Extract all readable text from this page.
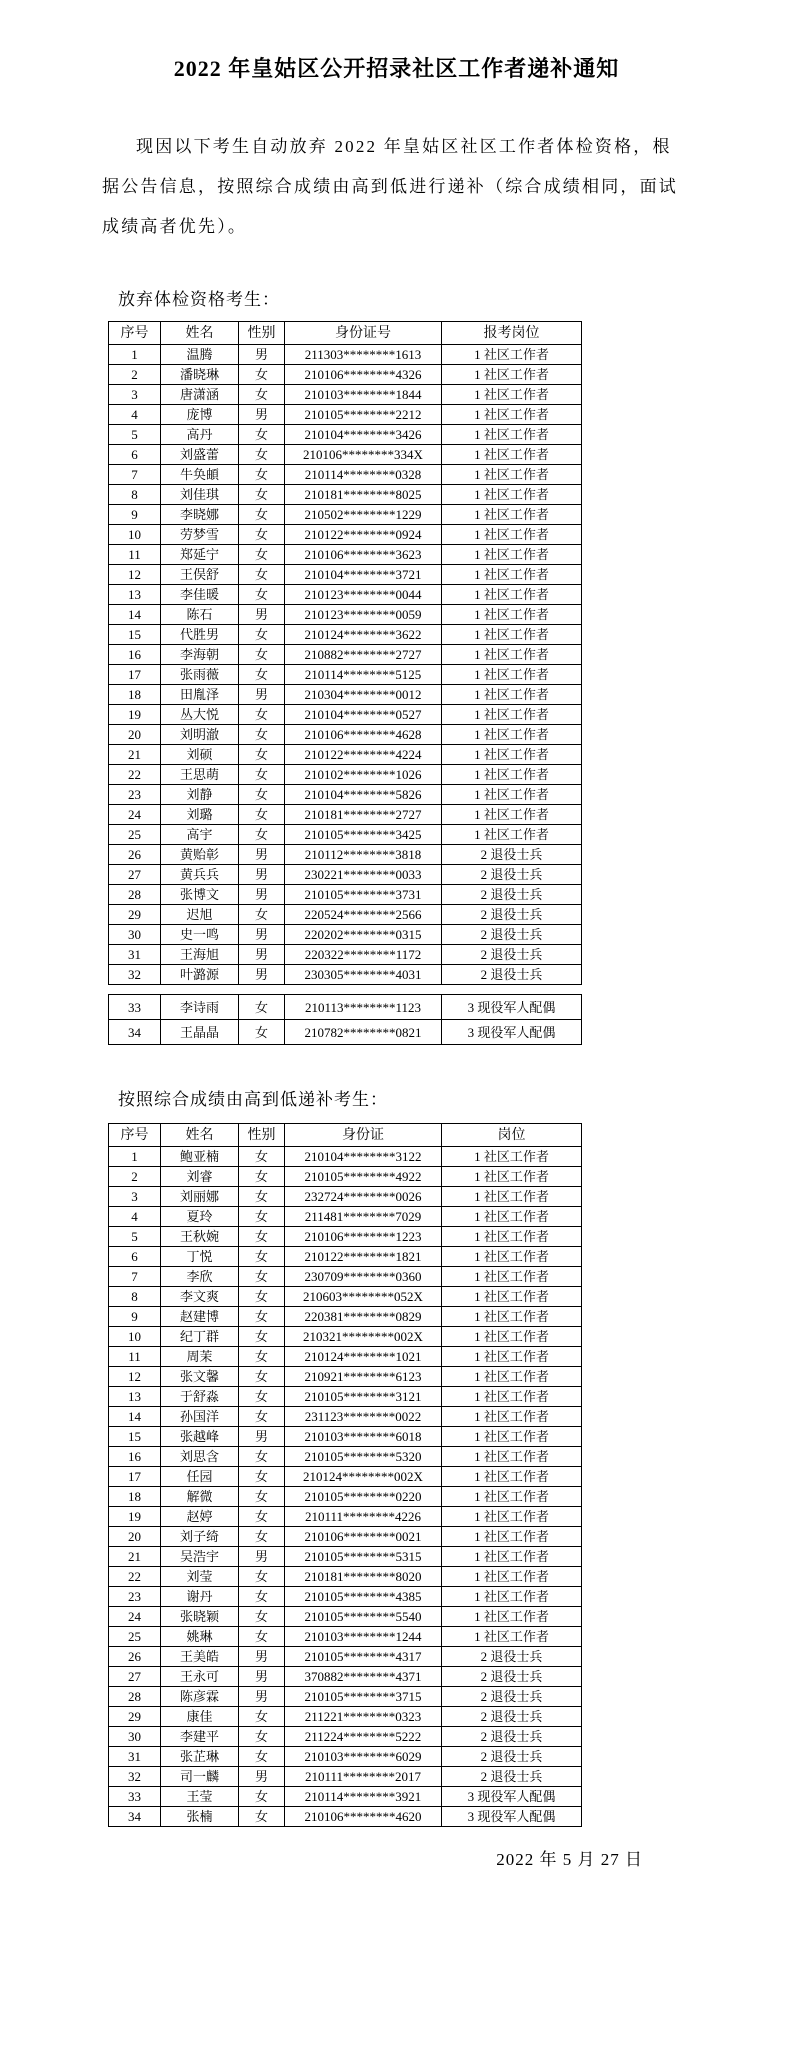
2022 年皇姑区公开招录社区工作者递补通知
现因以下考生自动放弃 2022 年皇姑区社区工作者体检资格，根
据公告信息，按照综合成绩由高到低进行递补（综合成绩相同，面试
成绩高者优先）。

放弃体检资格考生：

序号	姓名	性别	身份证号	报考岗位
1	温腾	男	211303********1613	1 社区工作者
2	潘晓琳	女	210106********4326	1 社区工作者
3	唐潇涵	女	210103********1844	1 社区工作者
4	庞博	男	210105********2212	1 社区工作者
5	高丹	女	210104********3426	1 社区工作者
6	刘盛蕾	女	210106********334X	1 社区工作者
7	牛奂頔	女	210114********0328	1 社区工作者
8	刘佳琪	女	210181********8025	1 社区工作者
9	李晓娜	女	210502********1229	1 社区工作者
10	劳梦雪	女	210122********0924	1 社区工作者
11	郑延宁	女	210106********3623	1 社区工作者
12	王俣舒	女	210104********3721	1 社区工作者
13	李佳暖	女	210123********0044	1 社区工作者
14	陈石	男	210123********0059	1 社区工作者
15	代胜男	女	210124********3622	1 社区工作者
16	李海朝	女	210882********2727	1 社区工作者
17	张雨薇	女	210114********5125	1 社区工作者
18	田胤泽	男	210304********0012	1 社区工作者
19	丛大悦	女	210104********0527	1 社区工作者
20	刘明澈	女	210106********4628	1 社区工作者
21	刘硕	女	210122********4224	1 社区工作者
22	王思萌	女	210102********1026	1 社区工作者
23	刘静	女	210104********5826	1 社区工作者
24	刘璐	女	210181********2727	1 社区工作者
25	高宇	女	210105********3425	1 社区工作者
26	黄贻彰	男	210112********3818	2 退役士兵
27	黄兵兵	男	230221********0033	2 退役士兵
28	张博文	男	210105********3731	2 退役士兵
29	迟旭	女	220524********2566	2 退役士兵
30	史一鸣	男	220202********0315	2 退役士兵
31	王海旭	男	220322********1172	2 退役士兵
32	叶潞源	男	230305********4031	2 退役士兵
33	李诗雨	女	210113********1123	3 现役军人配偶
34	王晶晶	女	210782********0821	3 现役军人配偶

按照综合成绩由高到低递补考生：

序号	姓名	性别	身份证	岗位
1	鲍亚楠	女	210104********3122	1 社区工作者
2	刘睿	女	210105********4922	1 社区工作者
3	刘丽娜	女	232724********0026	1 社区工作者
4	夏玲	女	211481********7029	1 社区工作者
5	王秋婉	女	210106********1223	1 社区工作者
6	丁悦	女	210122********1821	1 社区工作者
7	李欣	女	230709********0360	1 社区工作者
8	李文爽	女	210603********052X	1 社区工作者
9	赵建博	女	220381********0829	1 社区工作者
10	纪丁群	女	210321********002X	1 社区工作者
11	周茉	女	210124********1021	1 社区工作者
12	张文馨	女	210921********6123	1 社区工作者
13	于舒淼	女	210105********3121	1 社区工作者
14	孙国洋	女	231123********0022	1 社区工作者
15	张越峰	男	210103********6018	1 社区工作者
16	刘思含	女	210105********5320	1 社区工作者
17	任园	女	210124********002X	1 社区工作者
18	解微	女	210105********0220	1 社区工作者
19	赵婷	女	210111********4226	1 社区工作者
20	刘子绮	女	210106********0021	1 社区工作者
21	吴浩宇	男	210105********5315	1 社区工作者
22	刘莹	女	210181********8020	1 社区工作者
23	谢丹	女	210105********4385	1 社区工作者
24	张晓颖	女	210105********5540	1 社区工作者
25	姚琳	女	210103********1244	1 社区工作者
26	王美皓	男	210105********4317	2 退役士兵
27	王永可	男	370882********4371	2 退役士兵
28	陈彦霖	男	210105********3715	2 退役士兵
29	康佳	女	211221********0323	2 退役士兵
30	李建平	女	211224********5222	2 退役士兵
31	张芷琳	女	210103********6029	2 退役士兵
32	司一麟	男	210111********2017	2 退役士兵
33	王莹	女	210114********3921	3 现役军人配偶
34	张楠	女	210106********4620	3 现役军人配偶

2022 年 5 月 27 日
